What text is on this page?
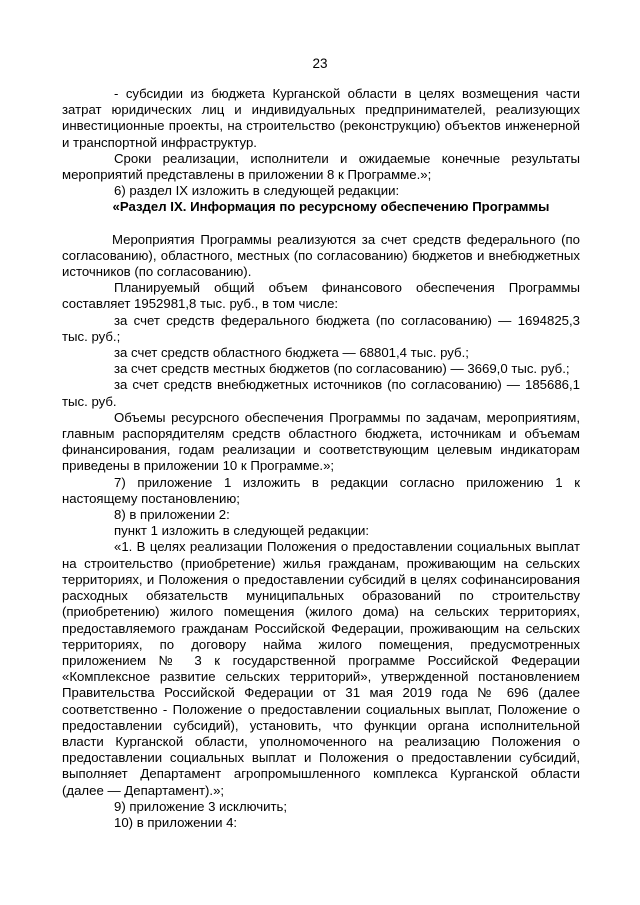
23

- субсидии из бюджета Курганской области в целях возмещения части затрат юридических лиц и индивидуальных предпринимателей, реализующих инвестиционные проекты, на строительство (реконструкцию) объектов инженерной и транспортной инфраструктур.

Сроки реализации, исполнители и ожидаемые конечные результаты мероприятий представлены в приложении 8 к Программе.»;

6) раздел IX изложить в следующей редакции:

«Раздел IX. Информация по ресурсному обеспечению Программы

Мероприятия Программы реализуются за счет средств федерального (по согласованию), областного, местных (по согласованию) бюджетов и внебюджетных источников (по согласованию).

Планируемый общий объем финансового обеспечения Программы составляет 1952981,8 тыс. руб., в том числе:

за счет средств федерального бюджета (по согласованию) — 1694825,3 тыс. руб.;

за счет средств областного бюджета — 68801,4 тыс. руб.;

за счет средств местных бюджетов (по согласованию) — 3669,0 тыс. руб.;

за счет средств внебюджетных источников (по согласованию) — 185686,1 тыс. руб.

Объемы ресурсного обеспечения Программы по задачам, мероприятиям, главным распорядителям средств областного бюджета, источникам и объемам финансирования, годам реализации и соответствующим целевым индикаторам приведены в приложении 10 к Программе.»;

7) приложение 1 изложить в редакции согласно приложению 1 к настоящему постановлению;

8) в приложении 2:

пункт 1 изложить в следующей редакции:

«1. В целях реализации Положения о предоставлении социальных выплат на строительство (приобретение) жилья гражданам, проживающим на сельских территориях, и Положения о предоставлении субсидий в целях софинансирования расходных обязательств муниципальных образований по строительству (приобретению) жилого помещения (жилого дома) на сельских территориях, предоставляемого гражданам Российской Федерации, проживающим на сельских территориях, по договору найма жилого помещения, предусмотренных приложением № 3 к государственной программе Российской Федерации «Комплексное развитие сельских территорий», утвержденной постановлением Правительства Российской Федерации от 31 мая 2019 года № 696 (далее соответственно - Положение о предоставлении социальных выплат, Положение о предоставлении субсидий), установить, что функции органа исполнительной власти Курганской области, уполномоченного на реализацию Положения о предоставлении социальных выплат и Положения о предоставлении субсидий, выполняет Департамент агропромышленного комплекса Курганской области (далее — Департамент).»;

9) приложение 3 исключить;

10) в приложении 4:
